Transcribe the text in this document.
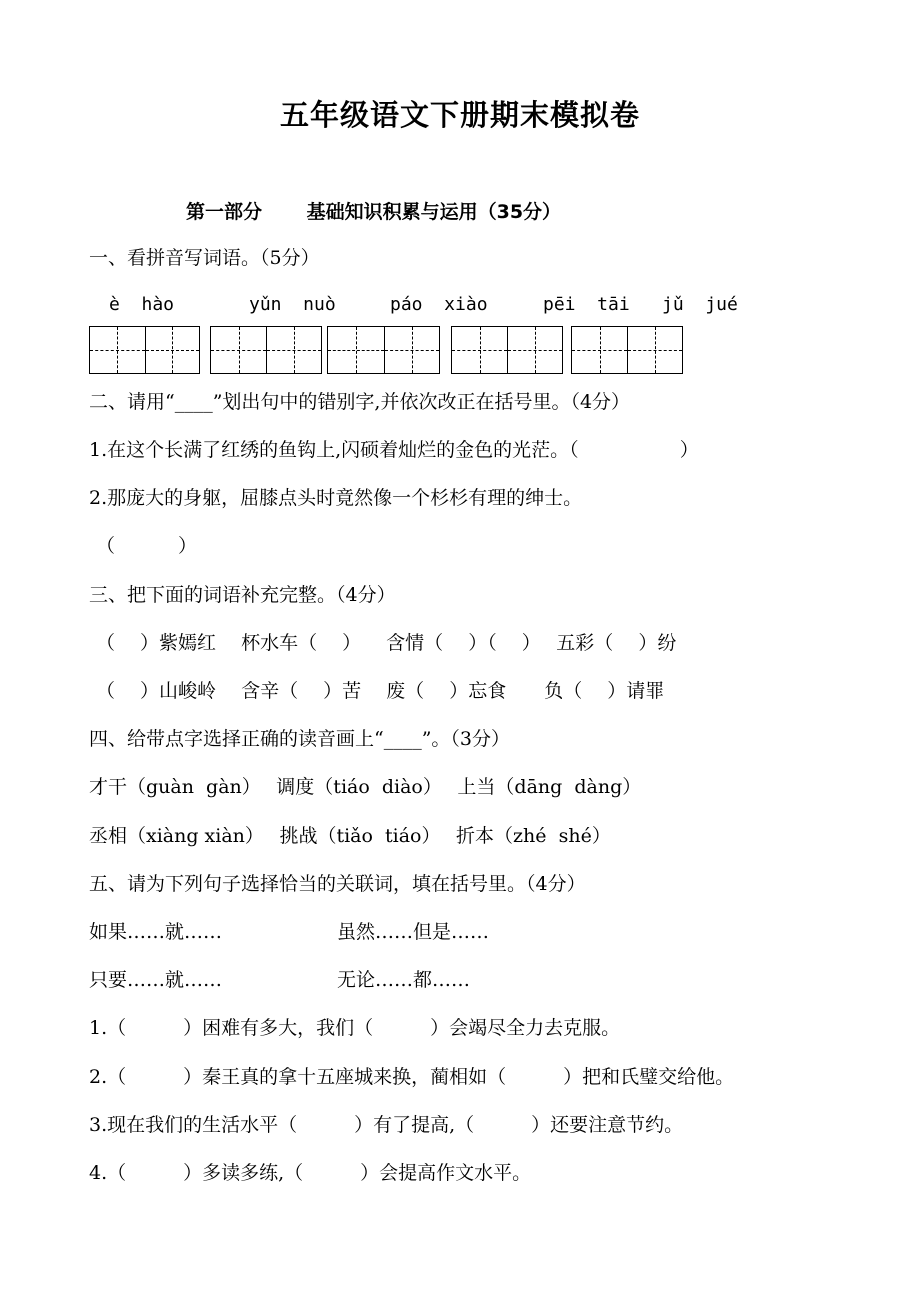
五年级语文下册期末模拟卷
第一部分　　 基础知识积累与运用（35分）
一、看拼音写词语。（5分）
è  hào	yǔn  nuò	páo  xiào	pēi  tāi jǔ  jué
二、请用“____”划出句中的错别字,并依次改正在括号里。（4分）
1.在这个长满了红绣的鱼钩上,闪硕着灿烂的金色的光茫。（　　　　　 ）
2.那庞大的身躯，屈膝点头时竟然像一个杉杉有理的绅士。
（　　　 ）
三、把下面的词语补充完整。（4分）
（　 ）紫嫣红　 杯水车（　 ） 　含情（　 ）（　 ）　 五彩（　 ）纷
（　 ）山峻岭　 含辛（　 ）苦　 废（　 ）忘食　　负（　 ）请罪
四、给带点字选择正确的读音画上“____”。（3分）
才干（guàn  gàn）　 调度（tiáo  diào）　 上当（dāng  dàng）
丞相（xiàng xiàn）　 挑战（tiǎo  tiáo）　 折本（zhé  shé）
五、请为下列句子选择恰当的关联词，填在括号里。（4分）
如果……就……	虽然……但是……
只要……就……	无论……都……
1.（　　　）困难有多大，我们（　　　）会竭尽全力去克服。
2.（　　　）秦王真的拿十五座城来换，蔺相如（　　　）把和氏璧交给他。
3.现在我们的生活水平（　　　）有了提高,（　　　）还要注意节约。
4.（　　　）多读多练,（　　　）会提高作文水平。
